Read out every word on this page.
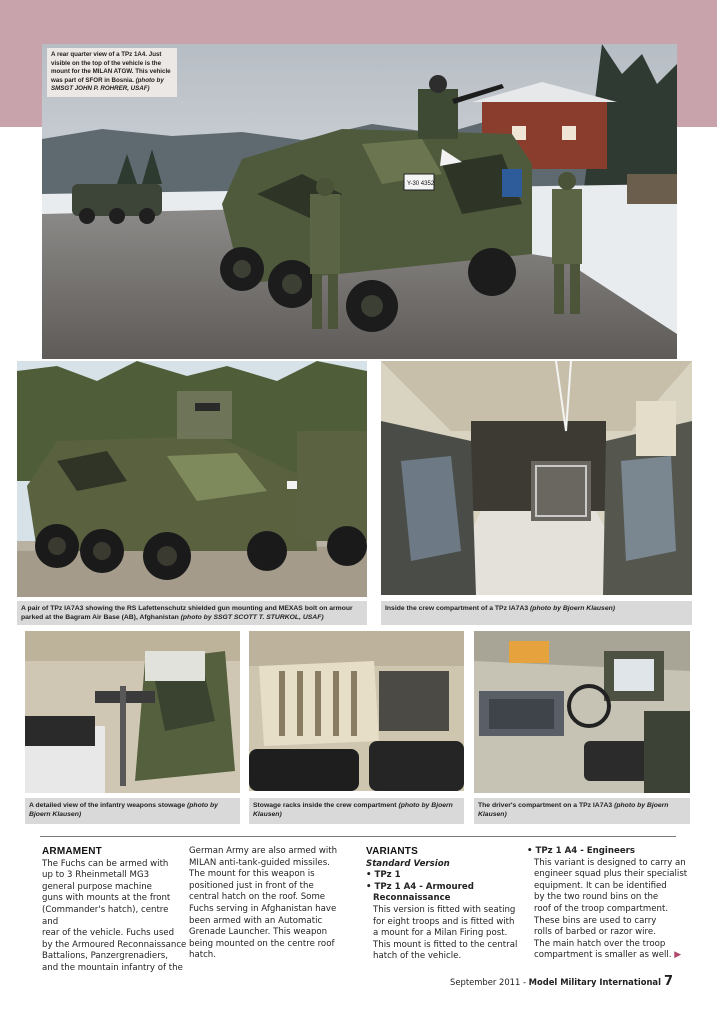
Y-30 4352
A rear quarter view of a TPz 1A4. Just visible on the top of the vehicle is the mount for the MILAN ATGW. This vehicle was part of SFOR in Bosnia. (photo by SMSGT JOHN P. ROHRER, USAF)
A pair of TPz IA7A3 showing the RS Lafettenschutz shielded gun mounting and MEXAS bolt on armour parked at the Bagram Air Base (AB), Afghanistan (photo by SSGT SCOTT T. STURKOL, USAF)
Inside the crew compartment of a TPz IA7A3 (photo by Bjoern Klausen)
A detailed view of the infantry weapons stowage (photo by Bjoern Klausen)
Stowage racks inside the crew compartment (photo by Bjoern Klausen)
The driver's compartment on a TPz IA7A3 (photo by Bjoern Klausen)
ARMAMENT

The Fuchs can be armed with

up to 3 Rheinmetall MG3

general purpose machine

guns with mounts at the front

(Commander's hatch), centre and

rear of the vehicle. Fuchs used

by the Armoured Reconnaissance

Battalions, Panzergrenadiers,

and the mountain infantry of the

German Army are also armed with

MILAN anti-tank-guided missiles.

The mount for this weapon is

positioned just in front of the

central hatch on the roof. Some

Fuchs serving in Afghanistan have

been armed with an Automatic

Grenade Launcher. This weapon

being mounted on the centre roof

hatch.

VARIANTS

Standard Version

• TPz 1

• TPz 1 A4 - Armoured

Reconnaissance

This version is fitted with seating

for eight troops and is fitted with

a mount for a Milan Firing post.

This mount is fitted to the central

hatch of the vehicle.

• TPz 1 A4 - Engineers

This variant is designed to carry an

engineer squad plus their specialist

equipment. It can be identified

by the two round bins on the

roof of the troop compartment.

These bins are used to carry

rolls of barbed or razor wire.

The main hatch over the troop

compartment is smaller as well. ▶

September 2011 - Model Military International 7
